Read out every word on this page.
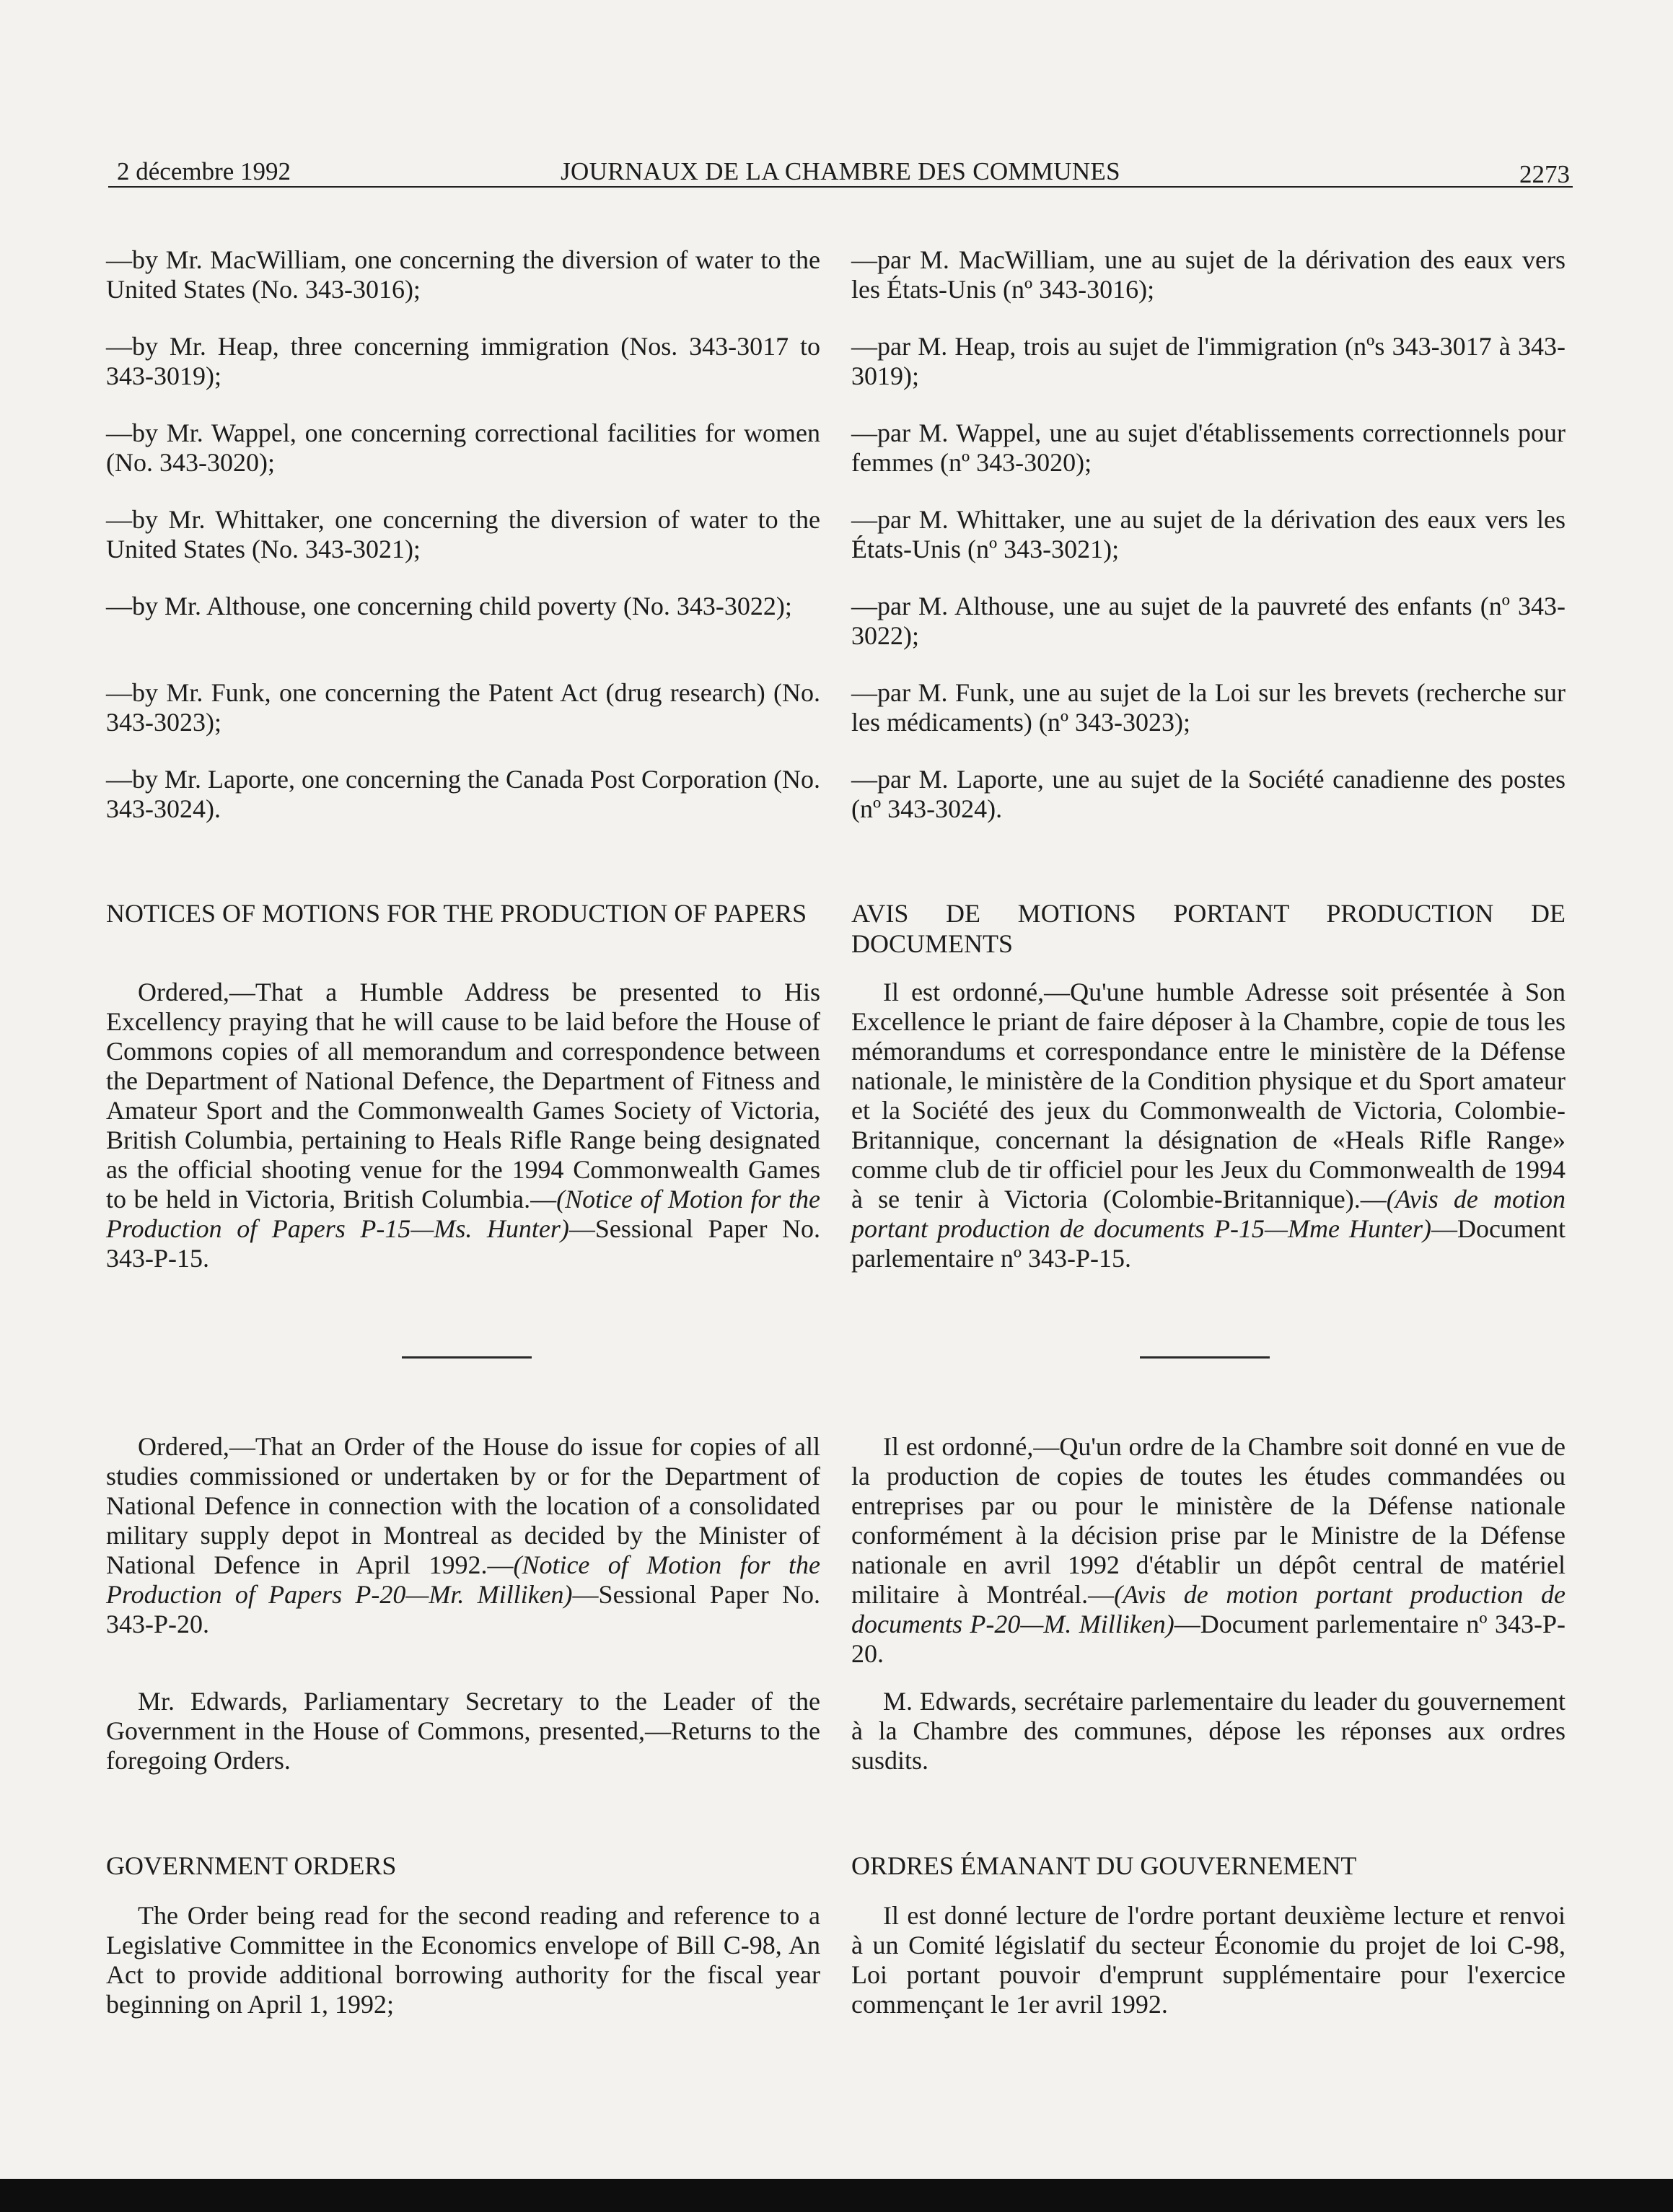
2 décembre 1992	JOURNAUX DE LA CHAMBRE DES COMMUNES	2273

—by Mr. MacWilliam, one concerning the diversion of water to the United States (No. 343-3016);

—by Mr. Heap, three concerning immigration (Nos. 343-3017 to 343-3019);

—by Mr. Wappel, one concerning correctional facilities for women (No. 343-3020);

—by Mr. Whittaker, one concerning the diversion of water to the United States (No. 343-3021);

—by Mr. Althouse, one concerning child poverty (No. 343-3022);

—by Mr. Funk, one concerning the Patent Act (drug research) (No. 343-3023);

—by Mr. Laporte, one concerning the Canada Post Corporation (No. 343-3024).

NOTICES OF MOTIONS FOR THE PRODUCTION OF PAPERS

Ordered,—That a Humble Address be presented to His Excellency praying that he will cause to be laid before the House of Commons copies of all memorandum and correspondence between the Department of National Defence, the Department of Fitness and Amateur Sport and the Commonwealth Games Society of Victoria, British Columbia, pertaining to Heals Rifle Range being designated as the official shooting venue for the 1994 Commonwealth Games to be held in Victoria, British Columbia.—(Notice of Motion for the Production of Papers P-15—Ms. Hunter)—Sessional Paper No. 343-P-15.

Ordered,—That an Order of the House do issue for copies of all studies commissioned or undertaken by or for the Department of National Defence in connection with the location of a consolidated military supply depot in Montreal as decided by the Minister of National Defence in April 1992.—(Notice of Motion for the Production of Papers P-20—Mr. Milliken)—Sessional Paper No. 343-P-20.

Mr. Edwards, Parliamentary Secretary to the Leader of the Government in the House of Commons, presented,—Returns to the foregoing Orders.

GOVERNMENT ORDERS

The Order being read for the second reading and reference to a Legislative Committee in the Economics envelope of Bill C-98, An Act to provide additional borrowing authority for the fiscal year beginning on April 1, 1992;

—par M. MacWilliam, une au sujet de la dérivation des eaux vers les États-Unis (nº 343-3016);

—par M. Heap, trois au sujet de l'immigration (nºs 343-3017 à 343-3019);

—par M. Wappel, une au sujet d'établissements correctionnels pour femmes (nº 343-3020);

—par M. Whittaker, une au sujet de la dérivation des eaux vers les États-Unis (nº 343-3021);

—par M. Althouse, une au sujet de la pauvreté des enfants (nº 343-3022);

—par M. Funk, une au sujet de la Loi sur les brevets (recherche sur les médicaments) (nº 343-3023);

—par M. Laporte, une au sujet de la Société canadienne des postes (nº 343-3024).

AVIS DE MOTIONS PORTANT PRODUCTION DE DOCUMENTS

Il est ordonné,—Qu'une humble Adresse soit présentée à Son Excellence le priant de faire déposer à la Chambre, copie de tous les mémorandums et correspondance entre le ministère de la Défense nationale, le ministère de la Condition physique et du Sport amateur et la Société des jeux du Commonwealth de Victoria, Colombie-Britannique, concernant la désignation de «Heals Rifle Range» comme club de tir officiel pour les Jeux du Commonwealth de 1994 à se tenir à Victoria (Colombie-Britannique).—(Avis de motion portant production de documents P-15—Mme Hunter)—Document parlementaire nº 343-P-15.

Il est ordonné,—Qu'un ordre de la Chambre soit donné en vue de la production de copies de toutes les études commandées ou entreprises par ou pour le ministère de la Défense nationale conformément à la décision prise par le Ministre de la Défense nationale en avril 1992 d'établir un dépôt central de matériel militaire à Montréal.—(Avis de motion portant production de documents P-20—M. Milliken)—Document parlementaire nº 343-P-20.

M. Edwards, secrétaire parlementaire du leader du gouvernement à la Chambre des communes, dépose les réponses aux ordres susdits.

ORDRES ÉMANANT DU GOUVERNEMENT

Il est donné lecture de l'ordre portant deuxième lecture et renvoi à un Comité législatif du secteur Économie du projet de loi C-98, Loi portant pouvoir d'emprunt supplémentaire pour l'exercice commençant le 1er avril 1992.
